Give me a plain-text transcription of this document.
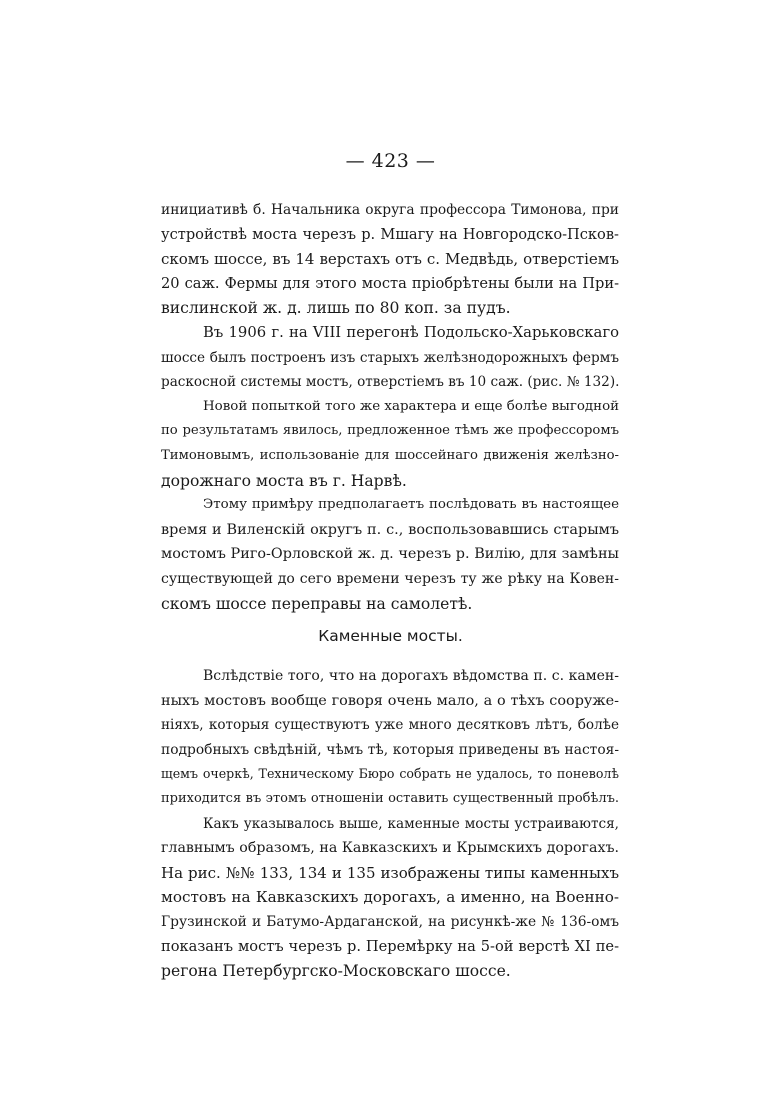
— 423 —
инициативѣ б. Начальника округа профессора Тимонова, при
устройствѣ моста черезъ р. Мшагу на Новгородско-Псков-
скомъ шоссе, въ 14 верстахъ отъ с. Медвѣдь, отверстіемъ
20 саж. Фермы для этого моста пріобрѣтены были на При-
вислинской ж. д. лишь по 80 коп. за пудъ.
Въ 1906 г. на VIII перегонѣ Подольско-Харьковскаго
шоссе былъ построенъ изъ старыхъ желѣзнодорожныхъ фермъ
раскосной системы мостъ, отверстіемъ въ 10 саж. (рис. № 132).
Новой попыткой того же характера и еще болѣе выгодной
по результатамъ явилось, предложенное тѣмъ же профессоромъ
Тимоновымъ, использованіе для шоссейнаго движенія желѣзно-
дорожнаго моста въ г. Нарвѣ.
Этому примѣру предполагаетъ послѣдовать въ настоящее
время и Виленскій округъ п. с., воспользовавшись старымъ
мостомъ Риго-Орловской ж. д. черезъ р. Вилію, для замѣны
существующей до сего времени черезъ ту же рѣку на Ковен-
скомъ шоссе переправы на самолетѣ.
Каменные мосты.
Вслѣдствіе того, что на дорогахъ вѣдомства п. с. камен-
ныхъ мостовъ вообще говоря очень мало, а о тѣхъ сооруже-
ніяхъ, которыя существуютъ уже много десятковъ лѣтъ, болѣе
подробныхъ свѣдѣній, чѣмъ тѣ, которыя приведены въ настоя-
щемъ очеркѣ, Техническому Бюро собрать не удалось, то поневолѣ
приходится въ этомъ отношеніи оставить существенный пробѣлъ.
Какъ указывалось выше, каменные мосты устраиваются,
главнымъ образомъ, на Кавказскихъ и Крымскихъ дорогахъ.
На рис. №№ 133, 134 и 135 изображены типы каменныхъ
мостовъ на Кавказскихъ дорогахъ, а именно, на Военно-
Грузинской и Батумо-Ардаганской, на рисункѣ-же № 136-омъ
показанъ мостъ черезъ р. Перемѣрку на 5-ой верстѣ XI пе-
регона Петербургско-Московскаго шоссе.
